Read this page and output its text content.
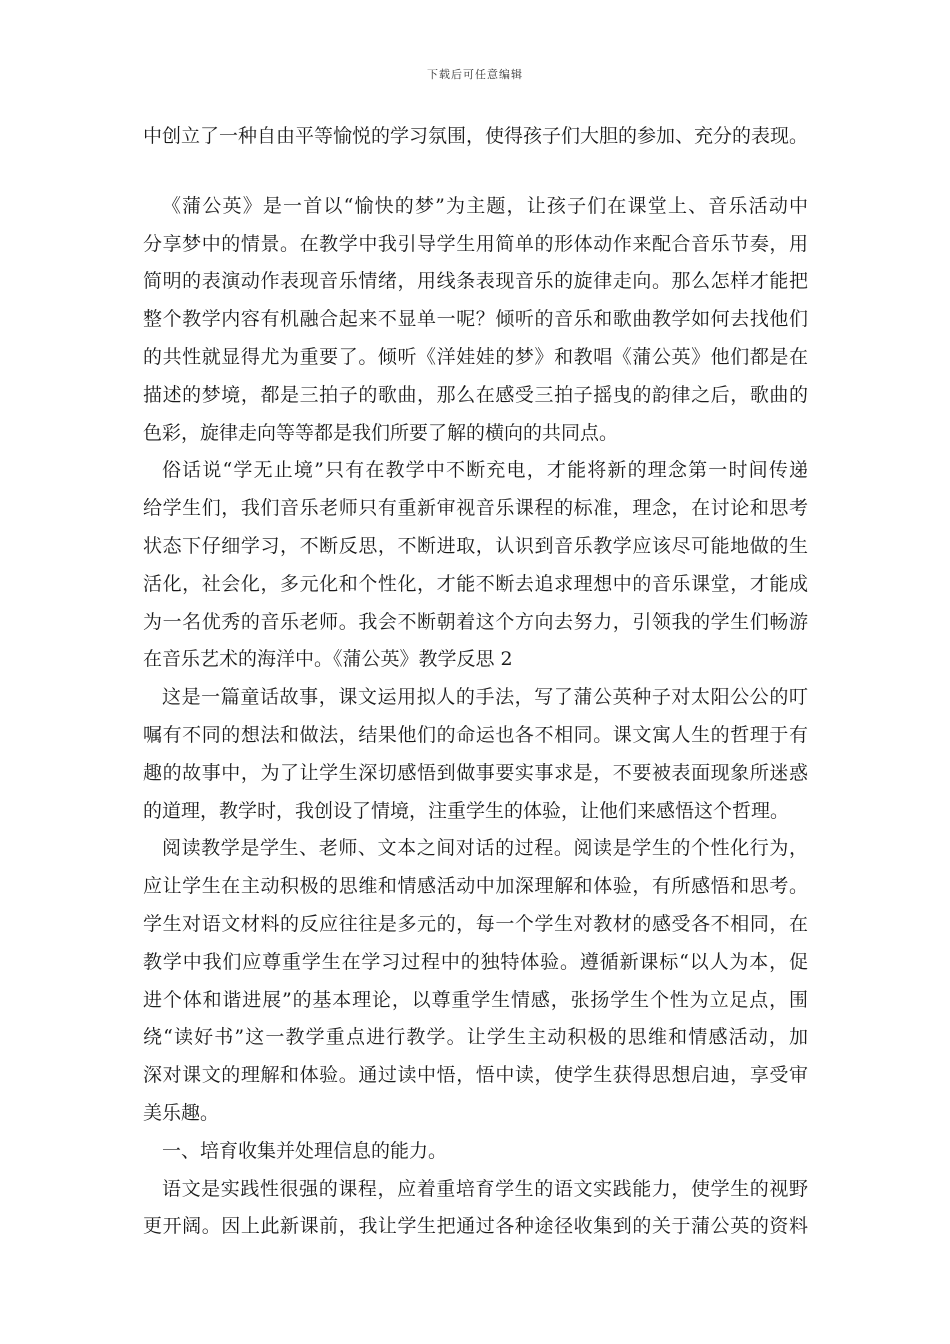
下载后可任意编辑
中创立了一种自由平等愉悦的学习氛围，使得孩子们大胆的参加、充分的表现。
《蒲公英》是一首以“愉快的梦”为主题，让孩子们在课堂上、音乐活动中
分享梦中的情景。在教学中我引导学生用简单的形体动作来配合音乐节奏，用
简明的表演动作表现音乐情绪，用线条表现音乐的旋律走向。那么怎样才能把
整个教学内容有机融合起来不显单一呢？倾听的音乐和歌曲教学如何去找他们
的共性就显得尤为重要了。倾听《洋娃娃的梦》和教唱《蒲公英》他们都是在
描述的梦境，都是三拍子的歌曲，那么在感受三拍子摇曳的韵律之后，歌曲的
色彩，旋律走向等等都是我们所要了解的横向的共同点。
俗话说“学无止境”只有在教学中不断充电，才能将新的理念第一时间传递
给学生们，我们音乐老师只有重新审视音乐课程的标准，理念，在讨论和思考
状态下仔细学习，不断反思，不断进取，认识到音乐教学应该尽可能地做的生
活化，社会化，多元化和个性化，才能不断去追求理想中的音乐课堂，才能成
为一名优秀的音乐老师。我会不断朝着这个方向去努力，引领我的学生们畅游
在音乐艺术的海洋中。《蒲公英》教学反思 2
这是一篇童话故事，课文运用拟人的手法，写了蒲公英种子对太阳公公的叮
嘱有不同的想法和做法，结果他们的命运也各不相同。课文寓人生的哲理于有
趣的故事中，为了让学生深切感悟到做事要实事求是，不要被表面现象所迷惑
的道理，教学时，我创设了情境，注重学生的体验，让他们来感悟这个哲理。
阅读教学是学生、老师、文本之间对话的过程。阅读是学生的个性化行为，
应让学生在主动积极的思维和情感活动中加深理解和体验，有所感悟和思考。
学生对语文材料的反应往往是多元的，每一个学生对教材的感受各不相同，在
教学中我们应尊重学生在学习过程中的独特体验。遵循新课标“以人为本，促
进个体和谐进展”的基本理论，以尊重学生情感，张扬学生个性为立足点，围
绕“读好书”这一教学重点进行教学。让学生主动积极的思维和情感活动，加
深对课文的理解和体验。通过读中悟，悟中读，使学生获得思想启迪，享受审
美乐趣。
一、培育收集并处理信息的能力。
语文是实践性很强的课程，应着重培育学生的语文实践能力，使学生的视野
更开阔。因上此新课前，我让学生把通过各种途径收集到的关于蒲公英的资料
